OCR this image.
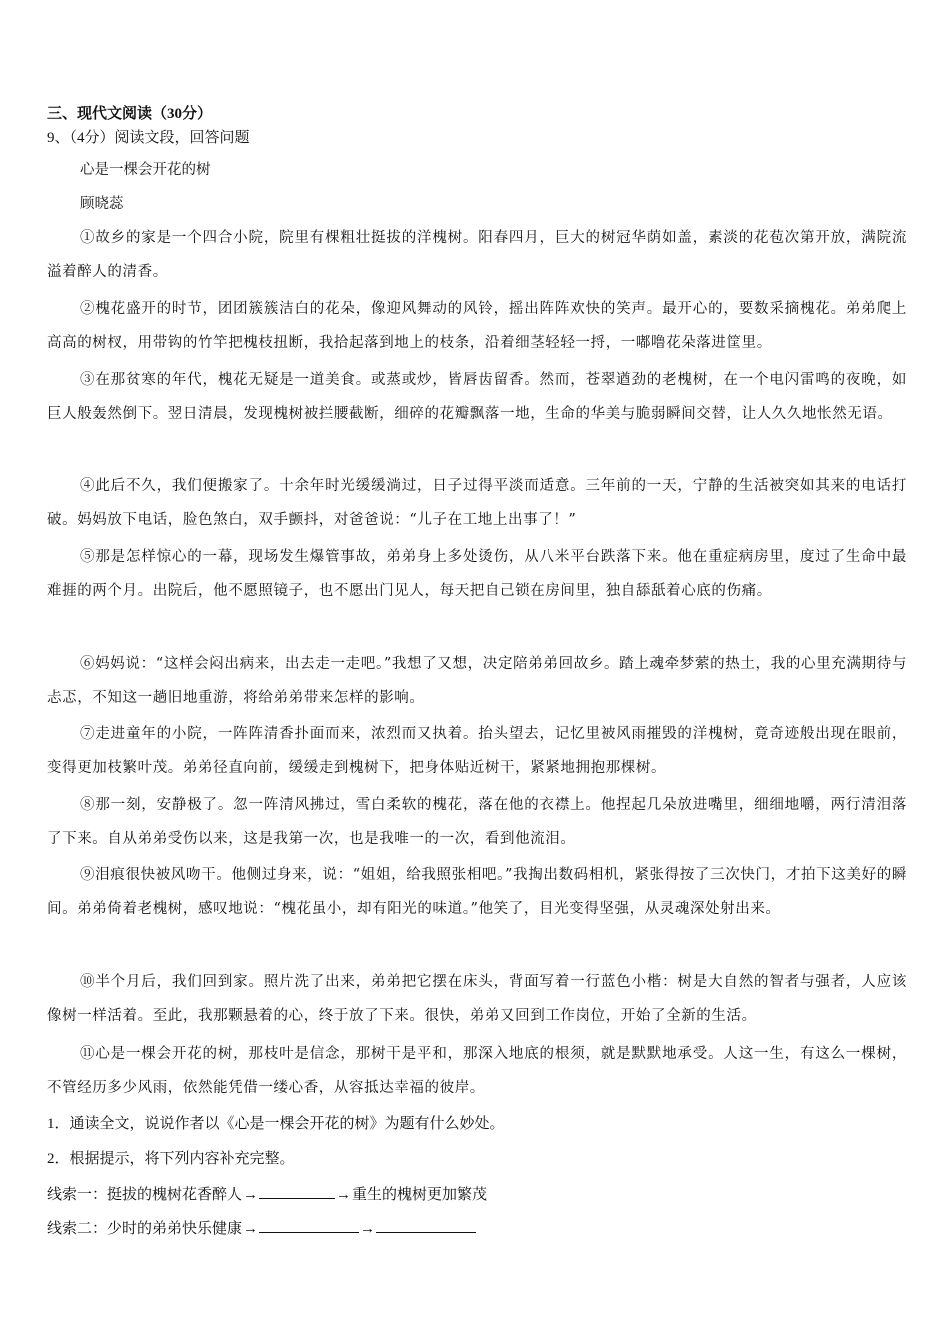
三、现代文阅读（30分）
9、（4分）阅读文段，回答问题
心是一棵会开花的树
顾晓蕊
①故乡的家是一个四合小院，院里有棵粗壮挺拔的洋槐树。阳春四月，巨大的树冠华荫如盖，素淡的花苞次第开放，满院流溢着醉人的清香。
②槐花盛开的时节，团团簇簇洁白的花朵，像迎风舞动的风铃，摇出阵阵欢快的笑声。最开心的，要数采摘槐花。弟弟爬上高高的树杈，用带钩的竹竿把槐枝扭断，我拾起落到地上的枝条，沿着细茎轻轻一捋，一嘟噜花朵落进筐里。
③在那贫寒的年代，槐花无疑是一道美食。或蒸或炒，皆唇齿留香。然而，苍翠遒劲的老槐树，在一个电闪雷鸣的夜晚，如巨人般轰然倒下。翌日清晨，发现槐树被拦腰截断，细碎的花瓣飘落一地，生命的华美与脆弱瞬间交替，让人久久地怅然无语。
④此后不久，我们便搬家了。十余年时光缓缓淌过，日子过得平淡而适意。三年前的一天，宁静的生活被突如其来的电话打破。妈妈放下电话，脸色煞白，双手颤抖，对爸爸说：“儿子在工地上出事了！”
⑤那是怎样惊心的一幕，现场发生爆管事故，弟弟身上多处烫伤，从八米平台跌落下来。他在重症病房里，度过了生命中最难捱的两个月。出院后，他不愿照镜子，也不愿出门见人，每天把自己锁在房间里，独自舔舐着心底的伤痛。
⑥妈妈说：“这样会闷出病来，出去走一走吧。”我想了又想，决定陪弟弟回故乡。踏上魂牵梦萦的热土，我的心里充满期待与忐忑，不知这一趟旧地重游，将给弟弟带来怎样的影响。
⑦走进童年的小院，一阵阵清香扑面而来，浓烈而又执着。抬头望去，记忆里被风雨摧毁的洋槐树，竟奇迹般出现在眼前，变得更加枝繁叶茂。弟弟径直向前，缓缓走到槐树下，把身体贴近树干，紧紧地拥抱那棵树。
⑧那一刻，安静极了。忽一阵清风拂过，雪白柔软的槐花，落在他的衣襟上。他捏起几朵放进嘴里，细细地嚼，两行清泪落了下来。自从弟弟受伤以来，这是我第一次，也是我唯一的一次，看到他流泪。
⑨泪痕很快被风吻干。他侧过身来，说：“姐姐，给我照张相吧。”我掏出数码相机，紧张得按了三次快门，才拍下这美好的瞬间。弟弟倚着老槐树，感叹地说：“槐花虽小，却有阳光的味道。”他笑了，目光变得坚强，从灵魂深处射出来。
⑩半个月后，我们回到家。照片洗了出来，弟弟把它摆在床头，背面写着一行蓝色小楷：树是大自然的智者与强者，人应该像树一样活着。至此，我那颗悬着的心，终于放了下来。很快，弟弟又回到工作岗位，开始了全新的生活。
⑪心是一棵会开花的树，那枝叶是信念，那树干是平和，那深入地底的根须，就是默默地承受。人这一生，有这么一棵树，不管经历多少风雨，依然能凭借一缕心香，从容抵达幸福的彼岸。
1．通读全文，说说作者以《心是一棵会开花的树》为题有什么妙处。
2．根据提示，将下列内容补充完整。
线索一：挺拔的槐树花香醉人→	→重生的槐树更加繁茂
线索二：少时的弟弟快乐健康→	→
